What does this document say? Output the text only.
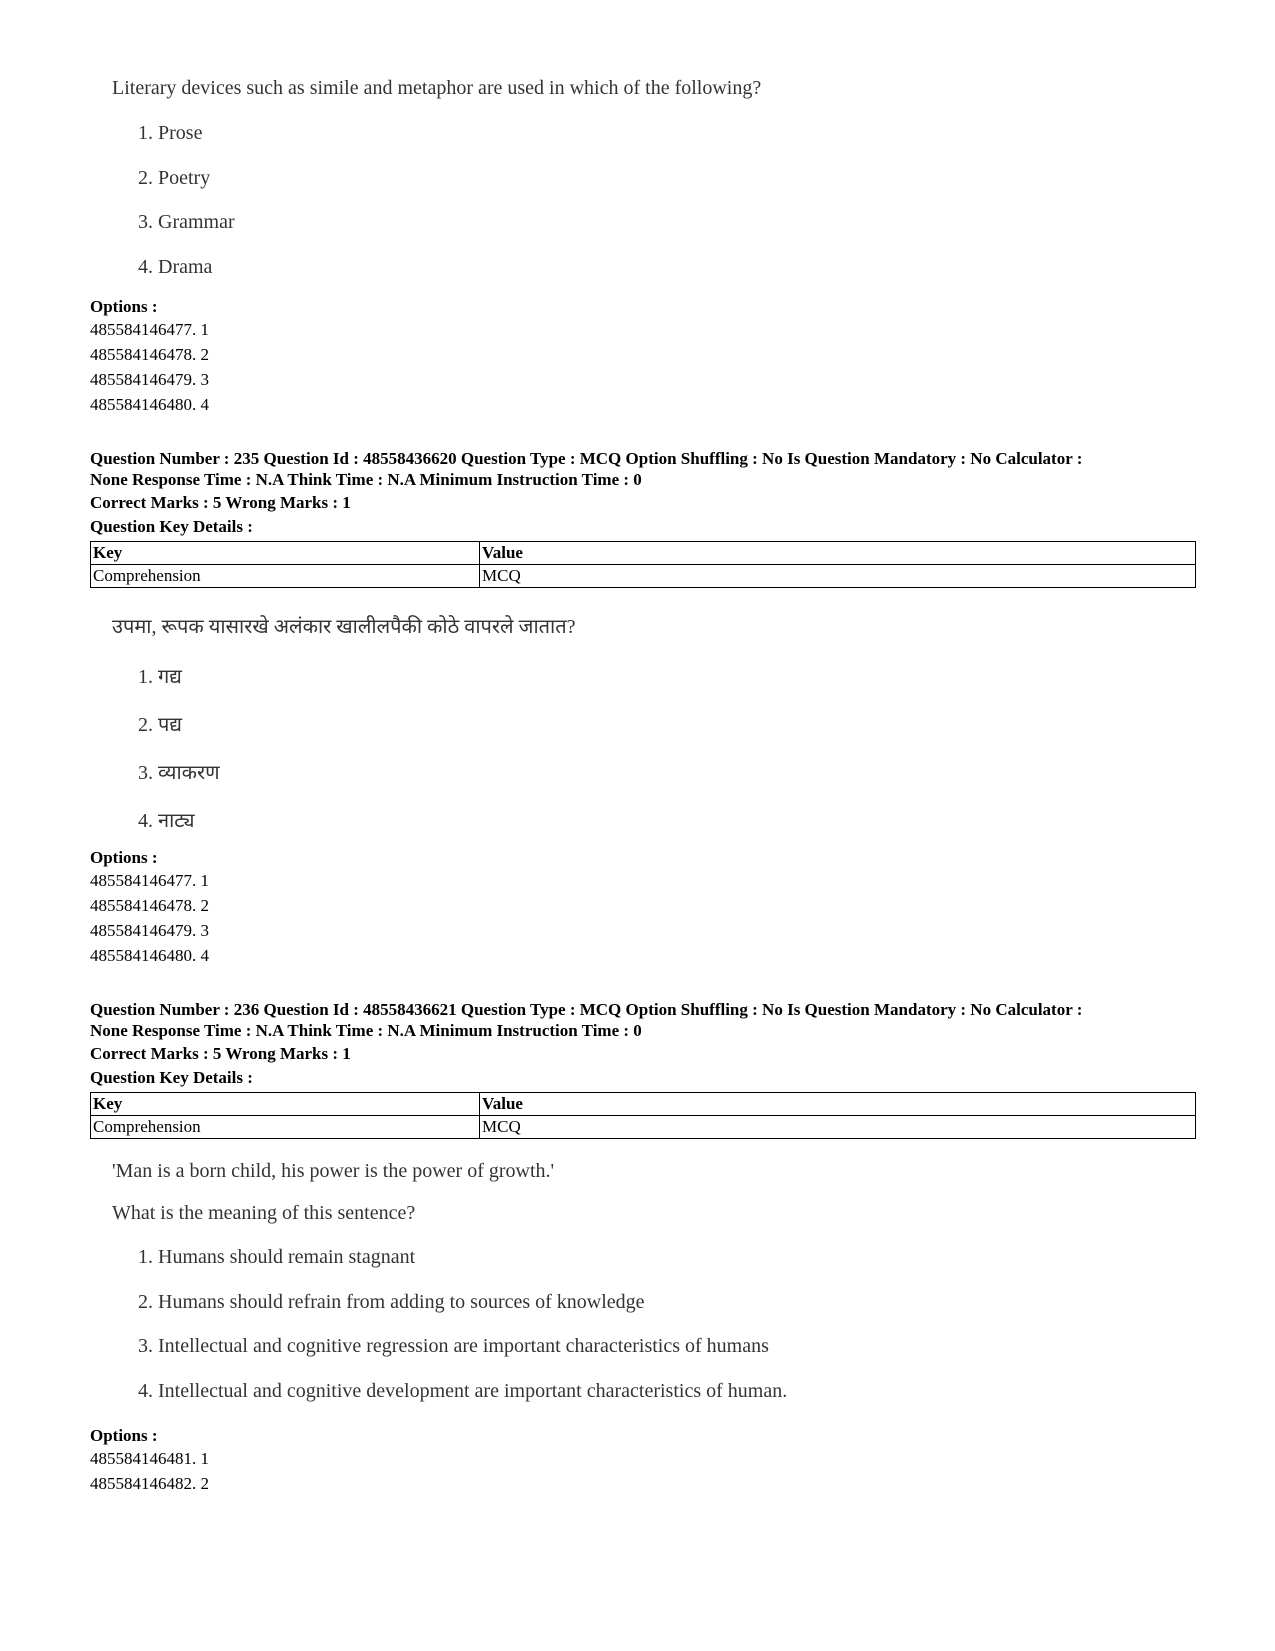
Literary devices such as simile and metaphor are used in which of the following?
1. Prose
2. Poetry
3. Grammar
4. Drama
Options :
485584146477. 1
485584146478. 2
485584146479. 3
485584146480. 4
Question Number : 235 Question Id : 48558436620 Question Type : MCQ Option Shuffling : No Is Question Mandatory : No Calculator :
None Response Time : N.A Think Time : N.A Minimum Instruction Time : 0
Correct Marks : 5 Wrong Marks : 1
Question Key Details :
Key	Value
Comprehension	MCQ
उपमा, रूपक यासारखे अलंकार खालीलपैकी कोठे वापरले जातात?
1. गद्य
2. पद्य
3. व्याकरण
4. नाट्य
Options :
485584146477. 1
485584146478. 2
485584146479. 3
485584146480. 4
Question Number : 236 Question Id : 48558436621 Question Type : MCQ Option Shuffling : No Is Question Mandatory : No Calculator :
None Response Time : N.A Think Time : N.A Minimum Instruction Time : 0
Correct Marks : 5 Wrong Marks : 1
Question Key Details :
Key	Value
Comprehension	MCQ
'Man is a born child, his power is the power of growth.'
What is the meaning of this sentence?
1. Humans should remain stagnant
2. Humans should refrain from adding to sources of knowledge
3. Intellectual and cognitive regression are important characteristics of humans
4. Intellectual and cognitive development are important characteristics of human.
Options :
485584146481. 1
485584146482. 2
